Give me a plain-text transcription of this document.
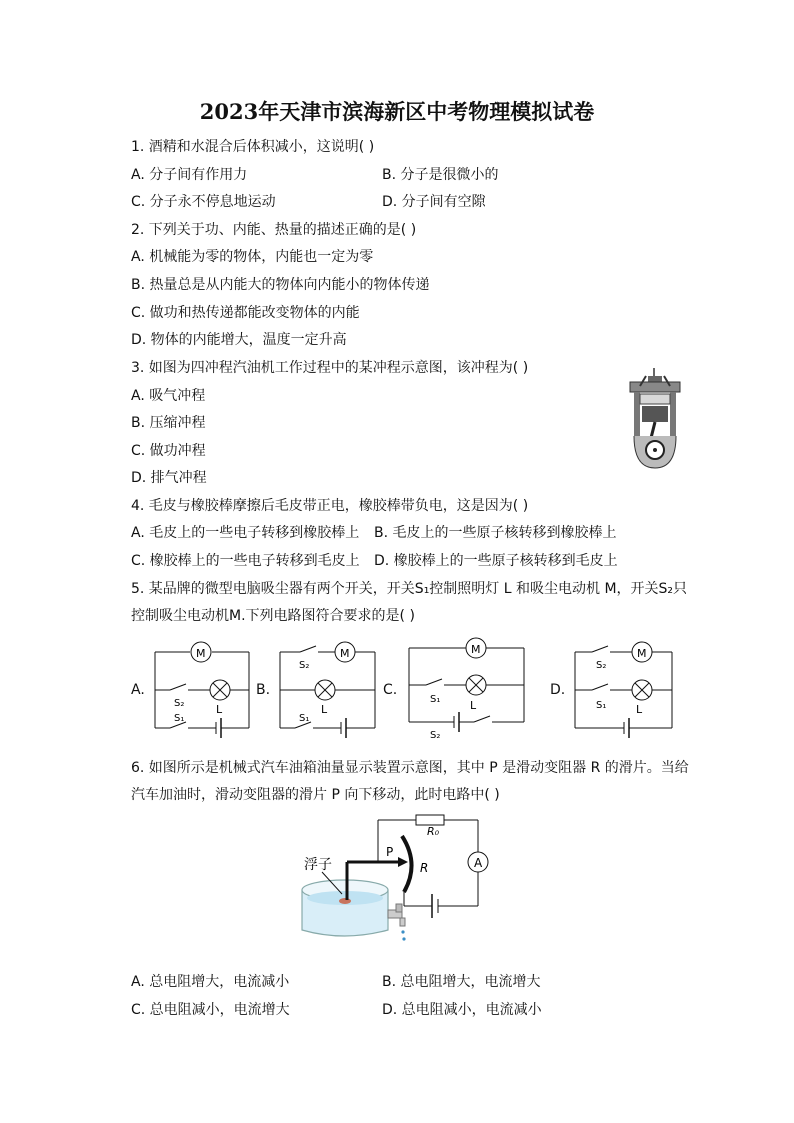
2023年天津市滨海新区中考物理模拟试卷
1. 酒精和水混合后体积减小，这说明( )
A. 分子间有作用力	B. 分子是很微小的
C. 分子永不停息地运动	D. 分子间有空隙
2. 下列关于功、内能、热量的描述正确的是( )
A. 机械能为零的物体，内能也一定为零
B. 热量总是从内能大的物体向内能小的物体传递
C. 做功和热传递都能改变物体的内能
D. 物体的内能增大，温度一定升高
3. 如图为四冲程汽油机工作过程中的某冲程示意图，该冲程为( )
A. 吸气冲程
B. 压缩冲程
C. 做功冲程
D. 排气冲程
4. 毛皮与橡胶棒摩擦后毛皮带正电，橡胶棒带负电，这是因为( )
A. 毛皮上的一些电子转移到橡胶棒上 B. 毛皮上的一些原子核转移到橡胶棒上
C. 橡胶棒上的一些电子转移到毛皮上 D. 橡胶棒上的一些原子核转移到毛皮上
5. 某品牌的微型电脑吸尘器有两个开关，开关S₁控制照明灯 L 和吸尘电动机 M，开关S₂只
控制吸尘电动机M.下列电路图符合要求的是( )
A.
M
L
S₂
S₁
B.
M
L
S₂
S₁
C.
M
L
S₁
S₂
D.
M
L
S₂
S₁
6. 如图所示是机械式汽车油箱油量显示装置示意图，其中 P 是滑动变阻器 R 的滑片。当给
汽车加油时，滑动变阻器的滑片 P 向下移动，此时电路中( )
R₀
A
P
R
浮子
A. 总电阻增大，电流减小	B. 总电阻增大，电流增大
C. 总电阻减小，电流增大	D. 总电阻减小，电流减小
